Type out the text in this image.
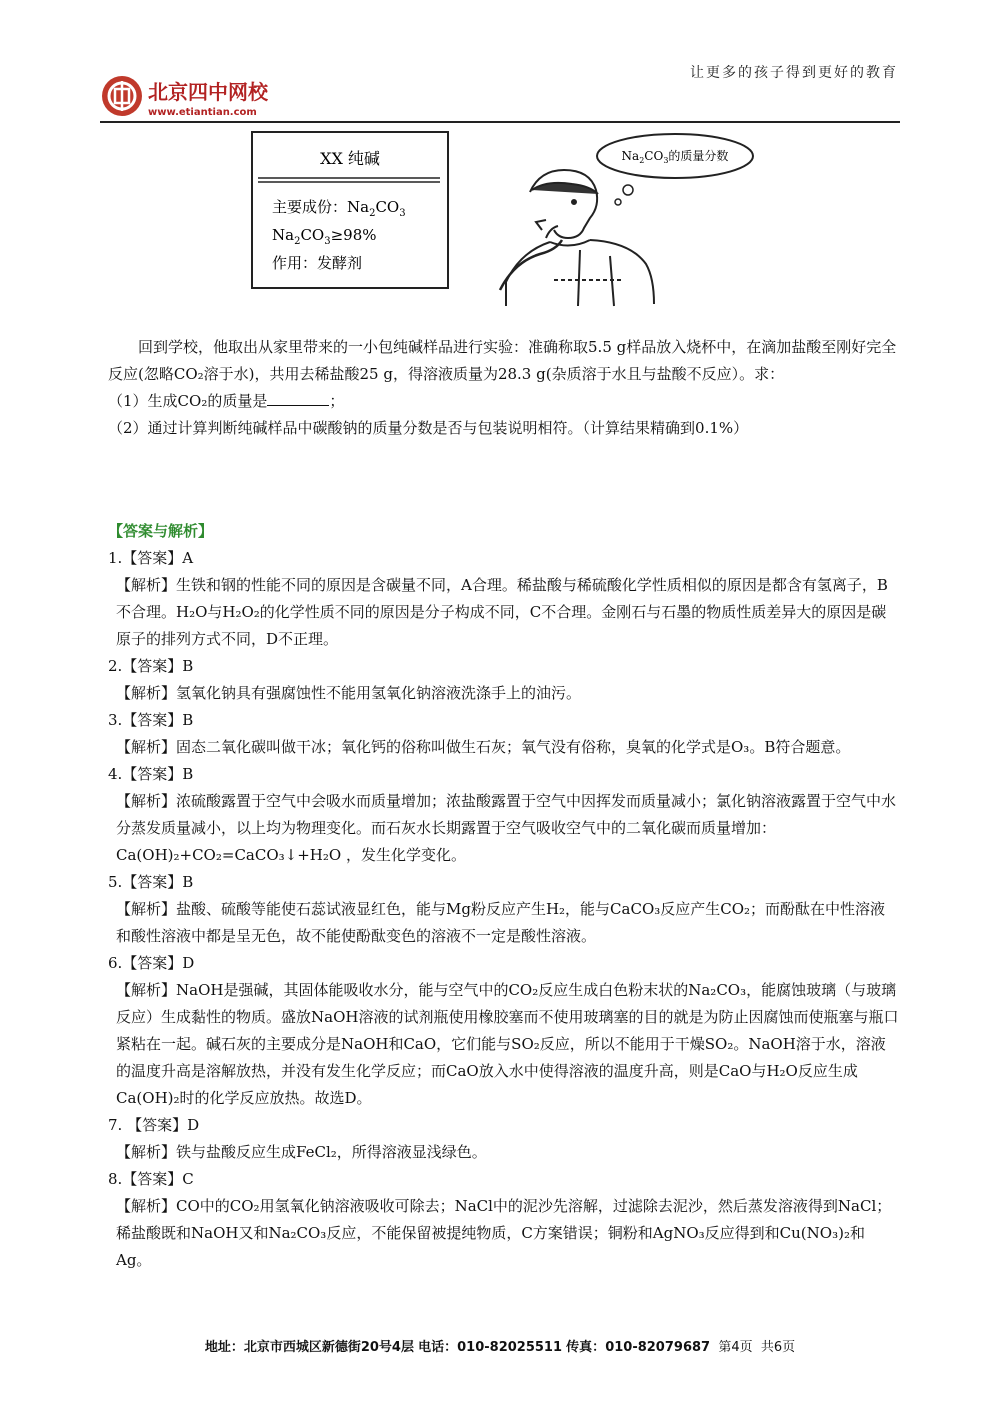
北京四中网校
www.etiantian.com
让更多的孩子得到更好的教育
XX 纯碱
主要成份：$Na_2CO_3$
$Na_2CO_3\ge 98\%$
作用：发酵剂
$Na_2CO_3$的质量分数

回到学校，他取出从家里带来的一小包纯碱样品进行实验：准确称取5.5 g样品放入烧杯中，在滴加盐酸至刚好完全反应(忽略CO₂溶于水)，共用去稀盐酸25 g，得溶液质量为28.3 g(杂质溶于水且与盐酸不反应）。求：

（1）生成CO₂的质量是	；

（2）通过计算判断纯碱样品中碳酸钠的质量分数是否与包装说明相符。（计算结果精确到0.1%）

【答案与解析】
1.【答案】A
【解析】生铁和钢的性能不同的原因是含碳量不同，A合理。稀盐酸与稀硫酸化学性质相似的原因是都含有氢离子，B不合理。H₂O与H₂O₂的化学性质不同的原因是分子构成不同，C不合理。金刚石与石墨的物质性质差异大的原因是碳原子的排列方式不同，D不正理。
2.【答案】B
【解析】氢氧化钠具有强腐蚀性不能用氢氧化钠溶液洗涤手上的油污。
3.【答案】B
【解析】固态二氧化碳叫做干冰；氧化钙的俗称叫做生石灰；氧气没有俗称，臭氧的化学式是O₃。B符合题意。
4.【答案】B
【解析】浓硫酸露置于空气中会吸水而质量增加；浓盐酸露置于空气中因挥发而质量减小；氯化钠溶液露置于空气中水分蒸发质量减小，以上均为物理变化。而石灰水长期露置于空气吸收空气中的二氧化碳而质量增加：Ca(OH)₂+CO₂=CaCO₃↓+H₂O ，发生化学变化。
5.【答案】B
【解析】盐酸、硫酸等能使石蕊试液显红色，能与Mg粉反应产生H₂，能与CaCO₃反应产生CO₂；而酚酞在中性溶液和酸性溶液中都是呈无色，故不能使酚酞变色的溶液不一定是酸性溶液。
6.【答案】D
【解析】NaOH是强碱，其固体能吸收水分，能与空气中的CO₂反应生成白色粉末状的Na₂CO₃，能腐蚀玻璃（与玻璃反应）生成黏性的物质。盛放NaOH溶液的试剂瓶使用橡胶塞而不使用玻璃塞的目的就是为防止因腐蚀而使瓶塞与瓶口紧粘在一起。碱石灰的主要成分是NaOH和CaO，它们能与SO₂反应，所以不能用于干燥SO₂。NaOH溶于水，溶液的温度升高是溶解放热，并没有发生化学反应；而CaO放入水中使得溶液的温度升高，则是CaO与H₂O反应生成Ca(OH)₂时的化学反应放热。故选D。
7. 【答案】D
【解析】铁与盐酸反应生成FeCl₂，所得溶液显浅绿色。
8.【答案】C
【解析】CO中的CO₂用氢氧化钠溶液吸收可除去；NaCl中的泥沙先溶解，过滤除去泥沙，然后蒸发溶液得到NaCl；稀盐酸既和NaOH又和Na₂CO₃反应，不能保留被提纯物质，C方案错误；铜粉和AgNO₃反应得到和Cu(NO₃)₂和Ag。
地址：北京市西城区新德街20号4层 电话：010-82025511 传真：010-82079687 第4页 共6页
